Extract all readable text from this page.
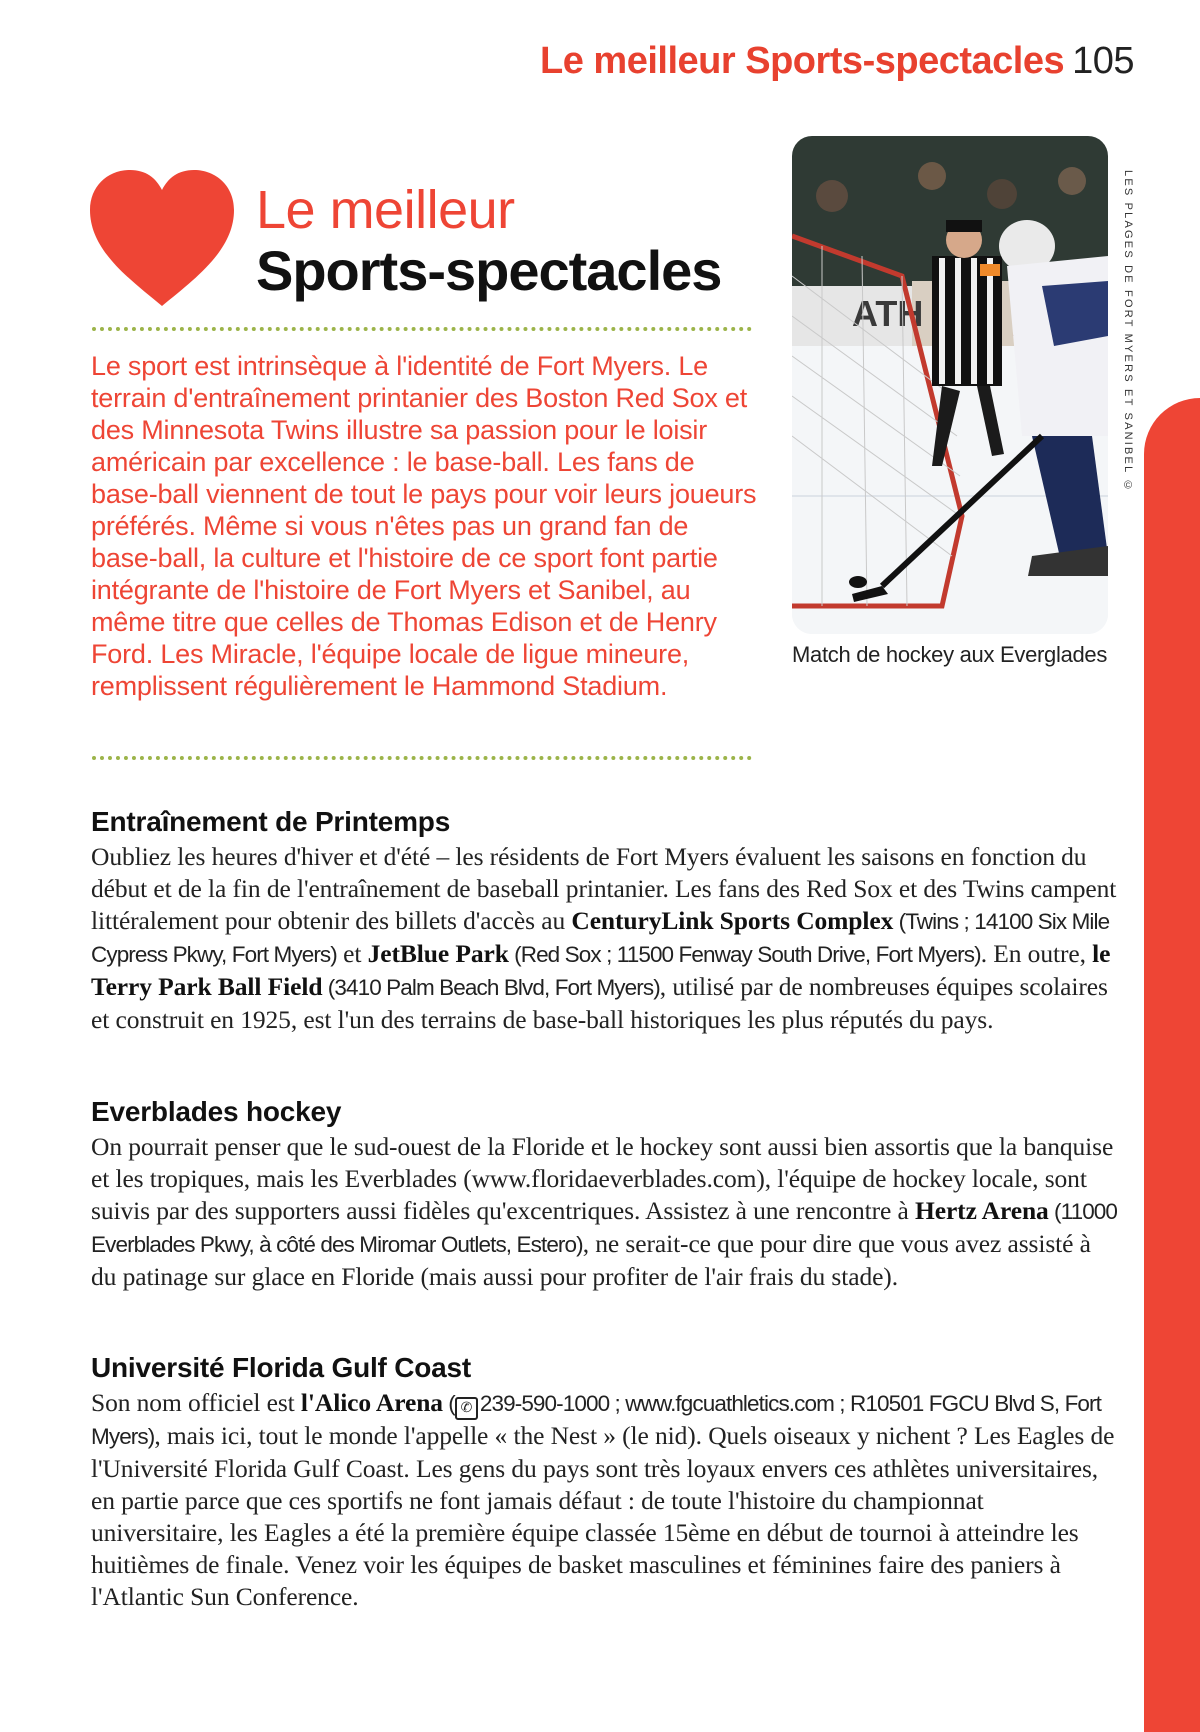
Le meilleur Sports-spectacles 105
Le meilleur
Sports-spectacles

Le sport est intrinsèque à l'identité de Fort Myers. Le terrain d'entraînement printanier des Boston Red Sox et des Minnesota Twins illustre sa passion pour le loisir américain par excellence : le base-ball. Les fans de base-ball viennent de tout le pays pour voir leurs joueurs préférés. Même si vous n'êtes pas un grand fan de base-ball, la culture et l'histoire de ce sport font partie intégrante de l'histoire de Fort Myers et Sanibel, au même titre que celles de Thomas Edison et de Henry Ford. Les Miracle, l'équipe locale de ligue mineure, remplissent régulièrement le Hammond Stadium.

ATH
Match de hockey aux Everglades
LES PLAGES DE FORT MYERS ET SANIBEL ©
Entraînement de Printemps

Oubliez les heures d'hiver et d'été – les résidents de Fort Myers évaluent les saisons en fonction du début et de la fin de l'entraînement de baseball printanier. Les fans des Red Sox et des Twins campent littéralement pour obtenir des billets d'accès au CenturyLink Sports Complex (Twins ; 14100 Six Mile Cypress Pkwy, Fort Myers) et JetBlue Park (Red Sox ; 11500 Fenway South Drive, Fort Myers). En outre, le Terry Park Ball Field (3410 Palm Beach Blvd, Fort Myers), utilisé par de nombreuses équipes scolaires et construit en 1925, est l'un des terrains de base-ball historiques les plus réputés du pays.

Everblades hockey

On pourrait penser que le sud-ouest de la Floride et le hockey sont aussi bien assortis que la banquise et les tropiques, mais les Everblades (www.floridaeverblades.com), l'équipe de hockey locale, sont suivis par des supporters aussi fidèles qu'excentriques. Assistez à une rencontre à Hertz Arena (11000 Everblades Pkwy, à côté des Miromar Outlets, Estero), ne serait-ce que pour dire que vous avez assisté à du patinage sur glace en Floride (mais aussi pour profiter de l'air frais du stade).

Université Florida Gulf Coast

Son nom officiel est l'Alico Arena ( ✆ 239-590-1000 ; www.fgcuathletics.com ; R10501 FGCU Blvd S, Fort Myers), mais ici, tout le monde l'appelle « the Nest » (le nid). Quels oiseaux y nichent ? Les Eagles de l'Université Florida Gulf Coast. Les gens du pays sont très loyaux envers ces athlètes universitaires, en partie parce que ces sportifs ne font jamais défaut : de toute l'histoire du championnat universitaire, les Eagles a été la première équipe classée 15ème en début de tournoi à atteindre les huitièmes de finale. Venez voir les équipes de basket masculines et féminines faire des paniers à l'Atlantic Sun Conference.
